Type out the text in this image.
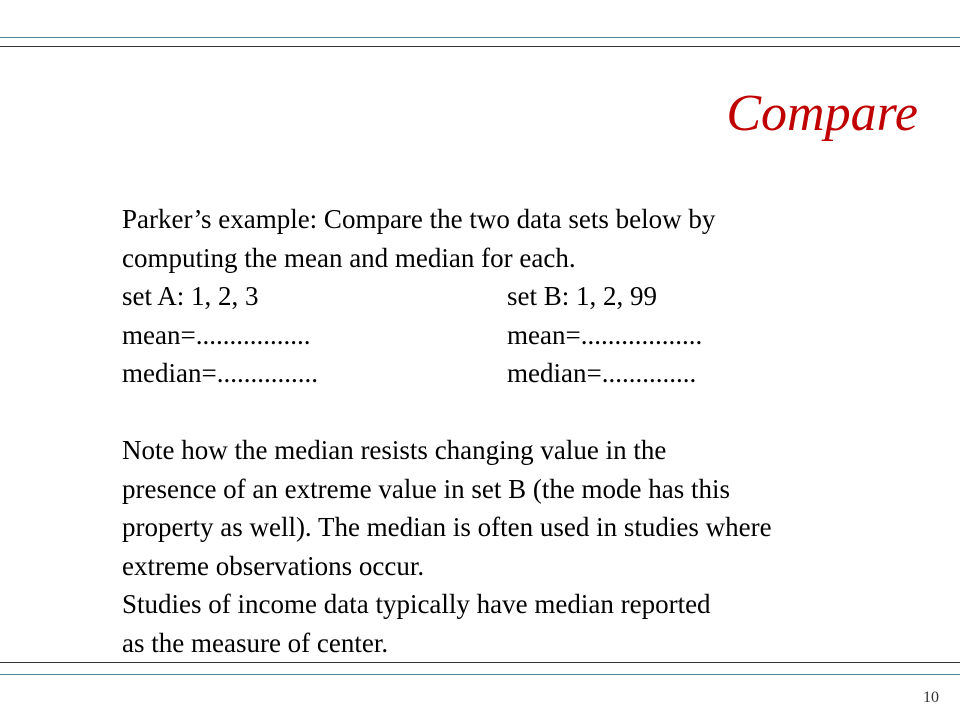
Compare
Parker’s example: Compare the two data sets below by
computing the mean and median for each.
set A: 1, 2, 3	set B: 1, 2, 99
mean=.................	mean=..................
median=...............	median=..............
Note how the median resists changing value in the
presence of an extreme value in set B (the mode has this
property as well). The median is often used in studies where
extreme observations occur.
Studies of income data typically have median reported
as the measure of center.
10
